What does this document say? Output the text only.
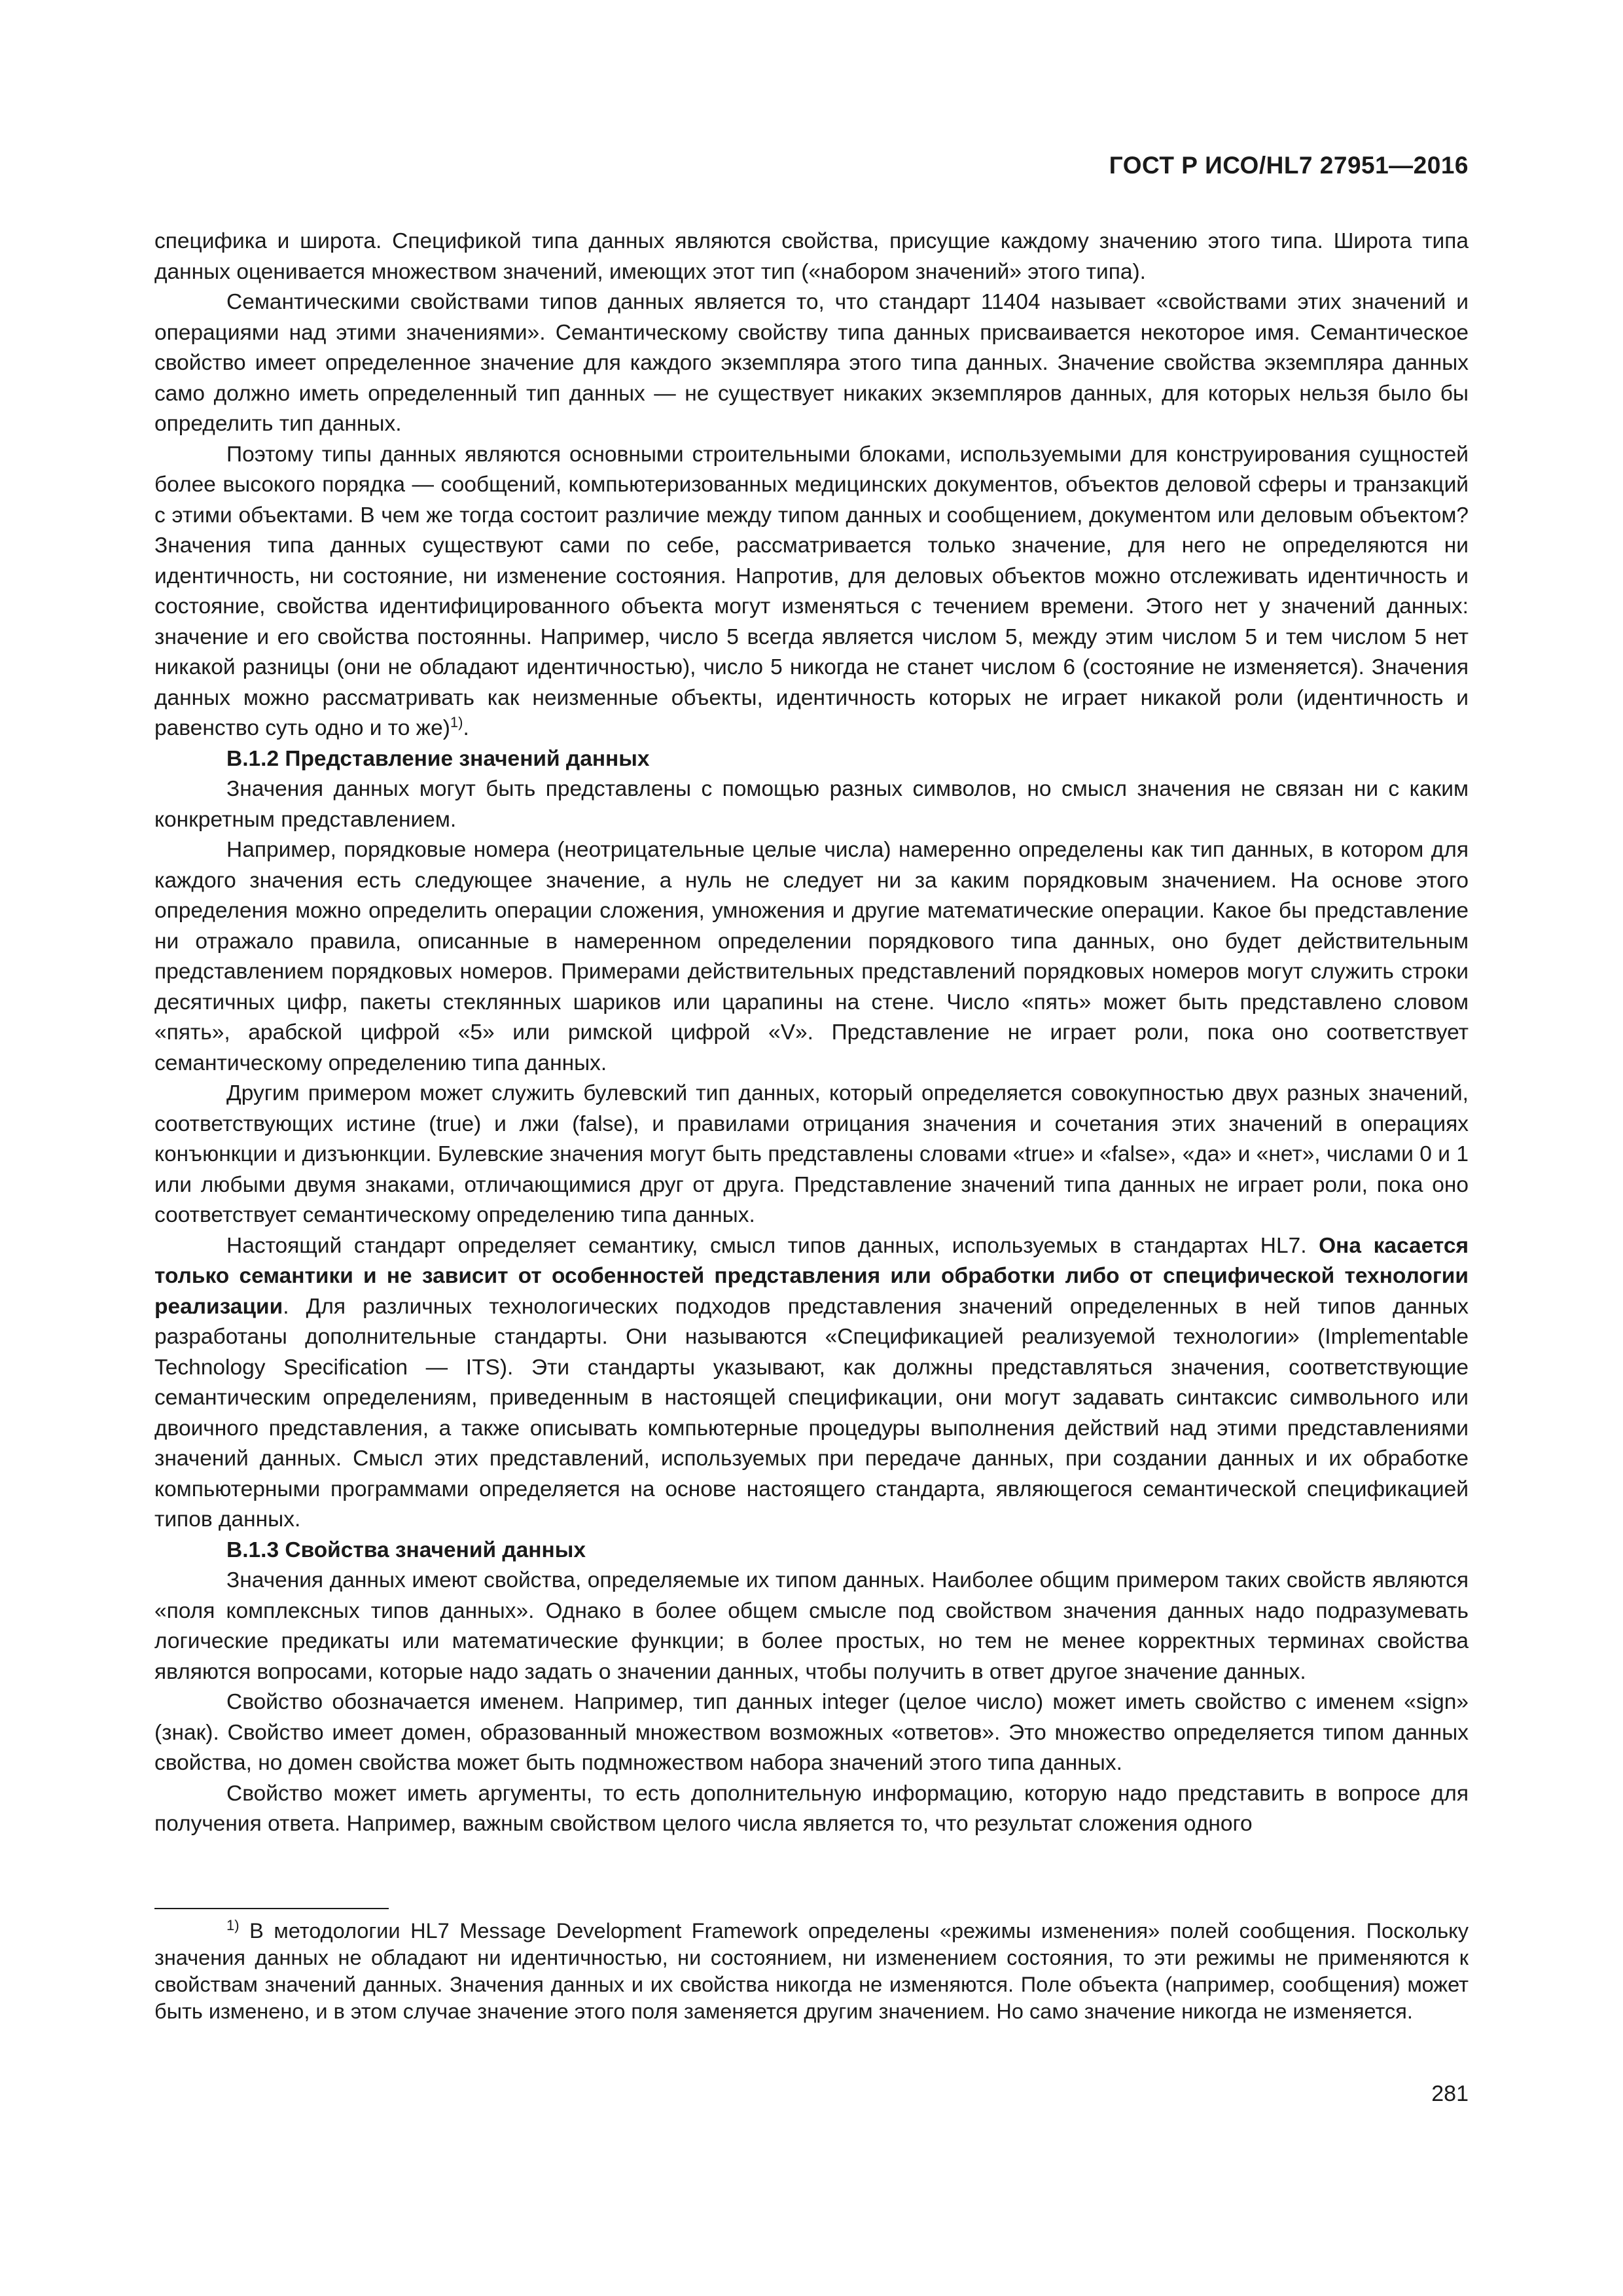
ГОСТ Р ИСО/HL7 27951—2016

специфика и широта. Спецификой типа данных являются свойства, присущие каждому значению этого типа. Широта типа данных оценивается множеством значений, имеющих этот тип («набором значений» этого типа).

Семантическими свойствами типов данных является то, что стандарт 11404 называет «свойствами этих значений и операциями над этими значениями». Семантическому свойству типа данных присваивается некоторое имя. Семантическое свойство имеет определенное значение для каждого экземпляра этого типа данных. Значение свойства экземпляра данных само должно иметь определенный тип данных — не существует никаких экземпляров данных, для которых нельзя было бы определить тип данных.

Поэтому типы данных являются основными строительными блоками, используемыми для конструирования сущностей более высокого порядка — сообщений, компьютеризованных медицинских документов, объектов деловой сферы и транзакций с этими объектами. В чем же тогда состоит различие между типом данных и сообщением, документом или деловым объектом? Значения типа данных существуют сами по себе, рассматривается только значение, для него не определяются ни идентичность, ни состояние, ни изменение состояния. Напротив, для деловых объектов можно отслеживать идентичность и состояние, свойства идентифицированного объекта могут изменяться с течением времени. Этого нет у значений данных: значение и его свойства постоянны. Например, число 5 всегда является числом 5, между этим числом 5 и тем числом 5 нет никакой разницы (они не обладают идентичностью), число 5 никогда не станет числом 6 (состояние не изменяется). Значения данных можно рассматривать как неизменные объекты, идентичность которых не играет никакой роли (идентичность и равенство суть одно и то же)$^{1)}$.

В.1.2 Представление значений данных

Значения данных могут быть представлены с помощью разных символов, но смысл значения не связан ни с каким конкретным представлением.

Например, порядковые номера (неотрицательные целые числа) намеренно определены как тип данных, в котором для каждого значения есть следующее значение, а нуль не следует ни за каким порядковым значением. На основе этого определения можно определить операции сложения, умножения и другие математические операции. Какое бы представление ни отражало правила, описанные в намеренном определении порядкового типа данных, оно будет действительным представлением порядковых номеров. Примерами действительных представлений порядковых номеров могут служить строки десятичных цифр, пакеты стеклянных шариков или царапины на стене. Число «пять» может быть представлено словом «пять», арабской цифрой «5» или римской цифрой «V». Представление не играет роли, пока оно соответствует семантическому определению типа данных.

Другим примером может служить булевский тип данных, который определяется совокупностью двух разных значений, соответствующих истине (true) и лжи (false), и правилами отрицания значения и сочетания этих значений в операциях конъюнкции и дизъюнкции. Булевские значения могут быть представлены словами «true» и «false», «да» и «нет», числами 0 и 1 или любыми двумя знаками, отличающимися друг от друга. Представление значений типа данных не играет роли, пока оно соответствует семантическому определению типа данных.

Настоящий стандарт определяет семантику, смысл типов данных, используемых в стандартах HL7. Она касается только семантики и не зависит от особенностей представления или обработки либо от специфической технологии реализации. Для различных технологических подходов представления значений определенных в ней типов данных разработаны дополнительные стандарты. Они называются «Спецификацией реализуемой технологии» (Implementable Technology Specification — ITS). Эти стандарты указывают, как должны представляться значения, соответствующие семантическим определениям, приведенным в настоящей спецификации, они могут задавать синтаксис символьного или двоичного представления, а также описывать компьютерные процедуры выполнения действий над этими представлениями значений данных. Смысл этих представлений, используемых при передаче данных, при создании данных и их обработке компьютерными программами определяется на основе настоящего стандарта, являющегося семантической спецификацией типов данных.

В.1.3 Свойства значений данных

Значения данных имеют свойства, определяемые их типом данных. Наиболее общим примером таких свойств являются «поля комплексных типов данных». Однако в более общем смысле под свойством значения данных надо подразумевать логические предикаты или математические функции; в более простых, но тем не менее корректных терминах свойства являются вопросами, которые надо задать о значении данных, чтобы получить в ответ другое значение данных.

Свойство обозначается именем. Например, тип данных integer (целое число) может иметь свойство с именем «sign» (знак). Свойство имеет домен, образованный множеством возможных «ответов». Это множество определяется типом данных свойства, но домен свойства может быть подмножеством набора значений этого типа данных.

Свойство может иметь аргументы, то есть дополнительную информацию, которую надо представить в вопросе для получения ответа. Например, важным свойством целого числа является то, что результат сложения одного

$^{1)}$ В методологии HL7 Message Development Framework определены «режимы изменения» полей сообщения. Поскольку значения данных не обладают ни идентичностью, ни состоянием, ни изменением состояния, то эти режимы не применяются к свойствам значений данных. Значения данных и их свойства никогда не изменяются. Поле объекта (например, сообщения) может быть изменено, и в этом случае значение этого поля заменяется другим значением. Но само значение никогда не изменяется.

281
